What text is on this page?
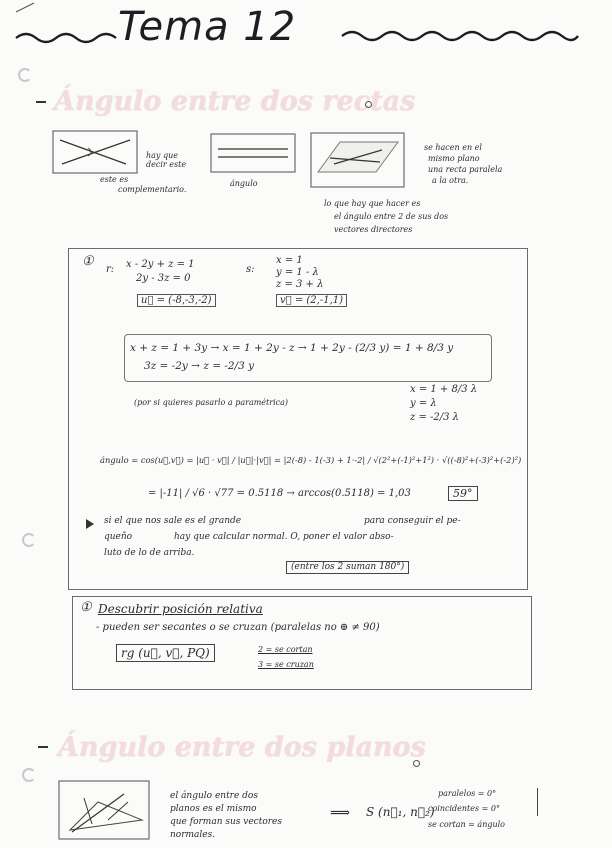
Tema 12
Ángulo entre dos rectas
hay que
decir este
este es
complementario.
ángulo
se hacen en el
mismo plano
una recta paralela
a la otra.
lo que hay que hacer es
el ángulo entre 2 de sus dos
vectores directores
①
r: x - 2y + z = 1
2y - 3z = 0
u⃗ = (-8,-3,-2)
s:
x = 1
y = 1 - λ
z = 3 + λ
v⃗ = (2,-1,1)
x + z = 1 + 3y → x = 1 + 2y - z → 1 + 2y - (2/3 y) = 1 + 8/3 y
3z = -2y → z = -2/3 y
(por si quieres pasarlo a paramétrica)
x = 1 + 8/3 λ
y = λ
z = -2/3 λ
ángulo = cos(u⃗,v⃗) = |u⃗ · v⃗| / |u⃗|·|v⃗| = |2(-8) - 1(-3) + 1·-2| / √(2²+(-1)²+1²) · √((-8)²+(-3)²+(-2)²)
= |-11| / √6 · √77 = 0.5118 → arccos(0.5118) = 1,03	59°
si el que nos sale es el grande	para conseguir el pe-
queño	hay que calcular normal. O, poner el valor abso-
luto de lo de arriba.
(entre los 2 suman 180°)
① Descubrir posición relativa
- pueden ser secantes o se cruzan (paralelas no ⊕ ≠ 90)
rg (u⃗, v⃗, PQ)	2 = se cortan
3 = se cruzan
Ángulo entre dos planos
el ángulo entre dos
planos es el mismo
que forman sus vectores
normales.
⟹ S (n⃗₁, n⃗₂)
paralelos = 0°
coincidentes = 0°
se cortan = ángulo
